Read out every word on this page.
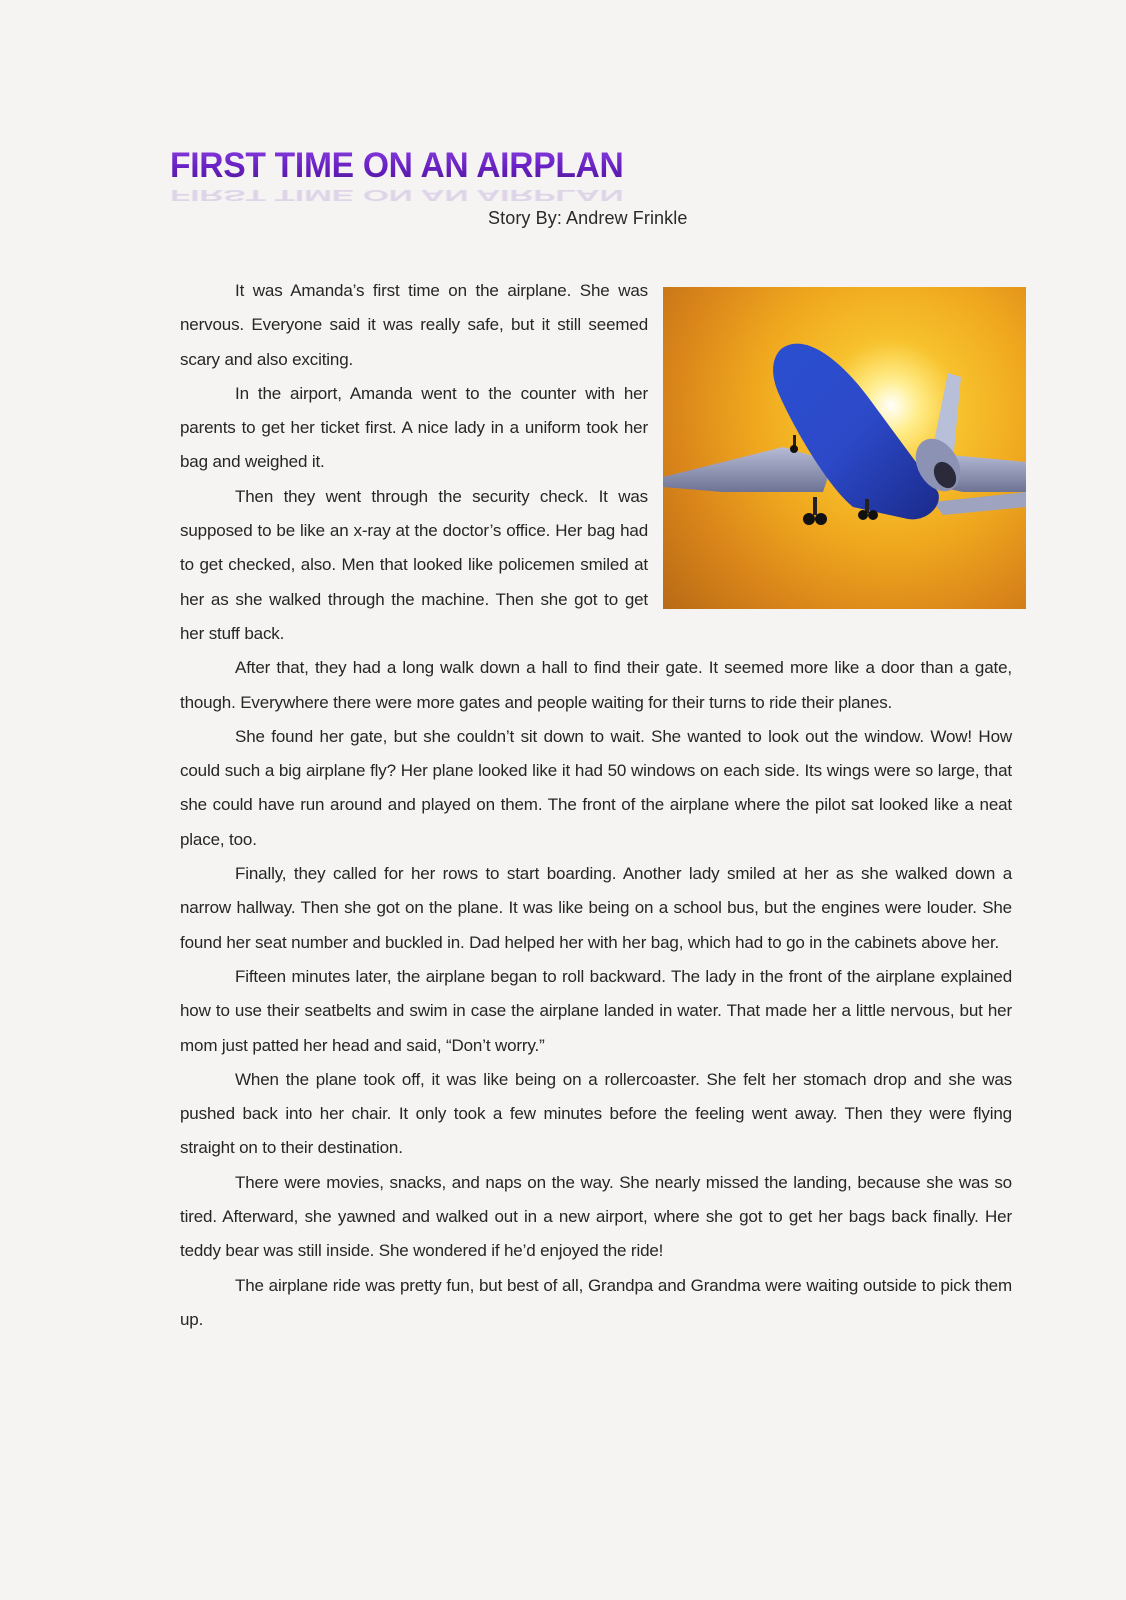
FIRST TIME ON AN AIRPLAN
FIRST TIME ON AN AIRPLAN
Story By: Andrew Frinkle

It was Amanda’s first time on the airplane. She was nervous. Everyone said it was really safe, but it still seemed scary and also exciting.

In the airport, Amanda went to the counter with her parents to get her ticket first. A nice lady in a uniform took her bag and weighed it.

Then they went through the security check. It was supposed to be like an x-ray at the doctor’s office. Her bag had to get checked, also. Men that looked like policemen smiled at her as she walked through the machine. Then she got to get her stuff back.

After that, they had a long walk down a hall to find their gate. It seemed more like a door than a gate, though. Everywhere there were more gates and people waiting for their turns to ride their planes.

She found her gate, but she couldn’t sit down to wait. She wanted to look out the window. Wow! How could such a big airplane fly? Her plane looked like it had 50 windows on each side. Its wings were so large, that she could have run around and played on them. The front of the airplane where the pilot sat looked like a neat place, too.

Finally, they called for her rows to start boarding. Another lady smiled at her as she walked down a narrow hallway. Then she got on the plane. It was like being on a school bus, but the engines were louder. She found her seat number and buckled in. Dad helped her with her bag, which had to go in the cabinets above her.

Fifteen minutes later, the airplane began to roll backward. The lady in the front of the airplane explained how to use their seatbelts and swim in case the airplane landed in water. That made her a little nervous, but her mom just patted her head and said, “Don’t worry.”

When the plane took off, it was like being on a rollercoaster. She felt her stomach drop and she was pushed back into her chair. It only took a few minutes before the feeling went away. Then they were flying straight on to their destination.

There were movies, snacks, and naps on the way. She nearly missed the landing, because she was so tired. Afterward, she yawned and walked out in a new airport, where she got to get her bags back finally. Her teddy bear was still inside. She wondered if he’d enjoyed the ride!

The airplane ride was pretty fun, but best of all, Grandpa and Grandma were waiting outside to pick them up.
